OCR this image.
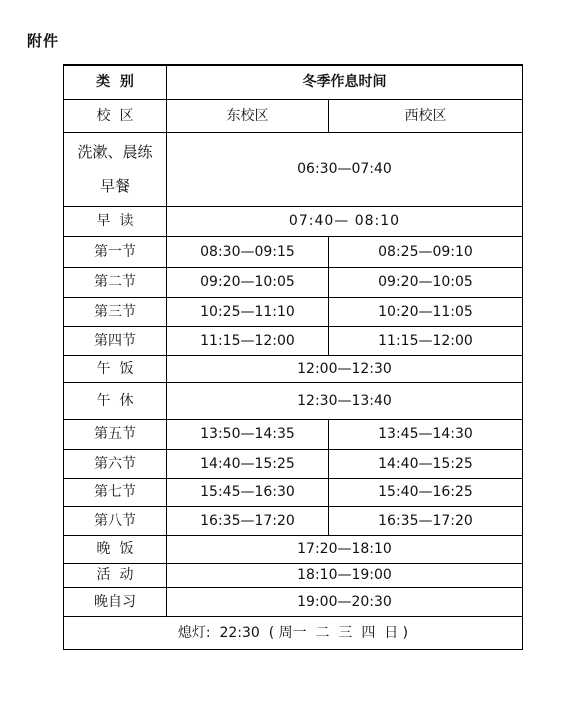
附件
类  别	冬季作息时间	
校  区	东校区	西校区

洗漱、晨练
早餐	06:30—07:40	
早  读	07:40— 08:10	
第一节	08:30—09:15	08:25—09:10
第二节	09:20—10:05	09:20—10:05
第三节	10:25—11:10	10:20—11:05
第四节	11:15—12:00	11:15—12:00
午  饭	12:00—12:30	
午  休	12:30—13:40	
第五节	13:50—14:35	13:45—14:30
第六节	14:40—15:25	14:40—15:25
第七节	15:45—16:30	15:40—16:25
第八节	16:35—17:20	16:35—17:20
晚  饭	17:20—18:10	
活  动	18:10—19:00	
晚自习	19:00—20:30	
熄灯:  22:30  ( 周一  二  三  四  日 )		
